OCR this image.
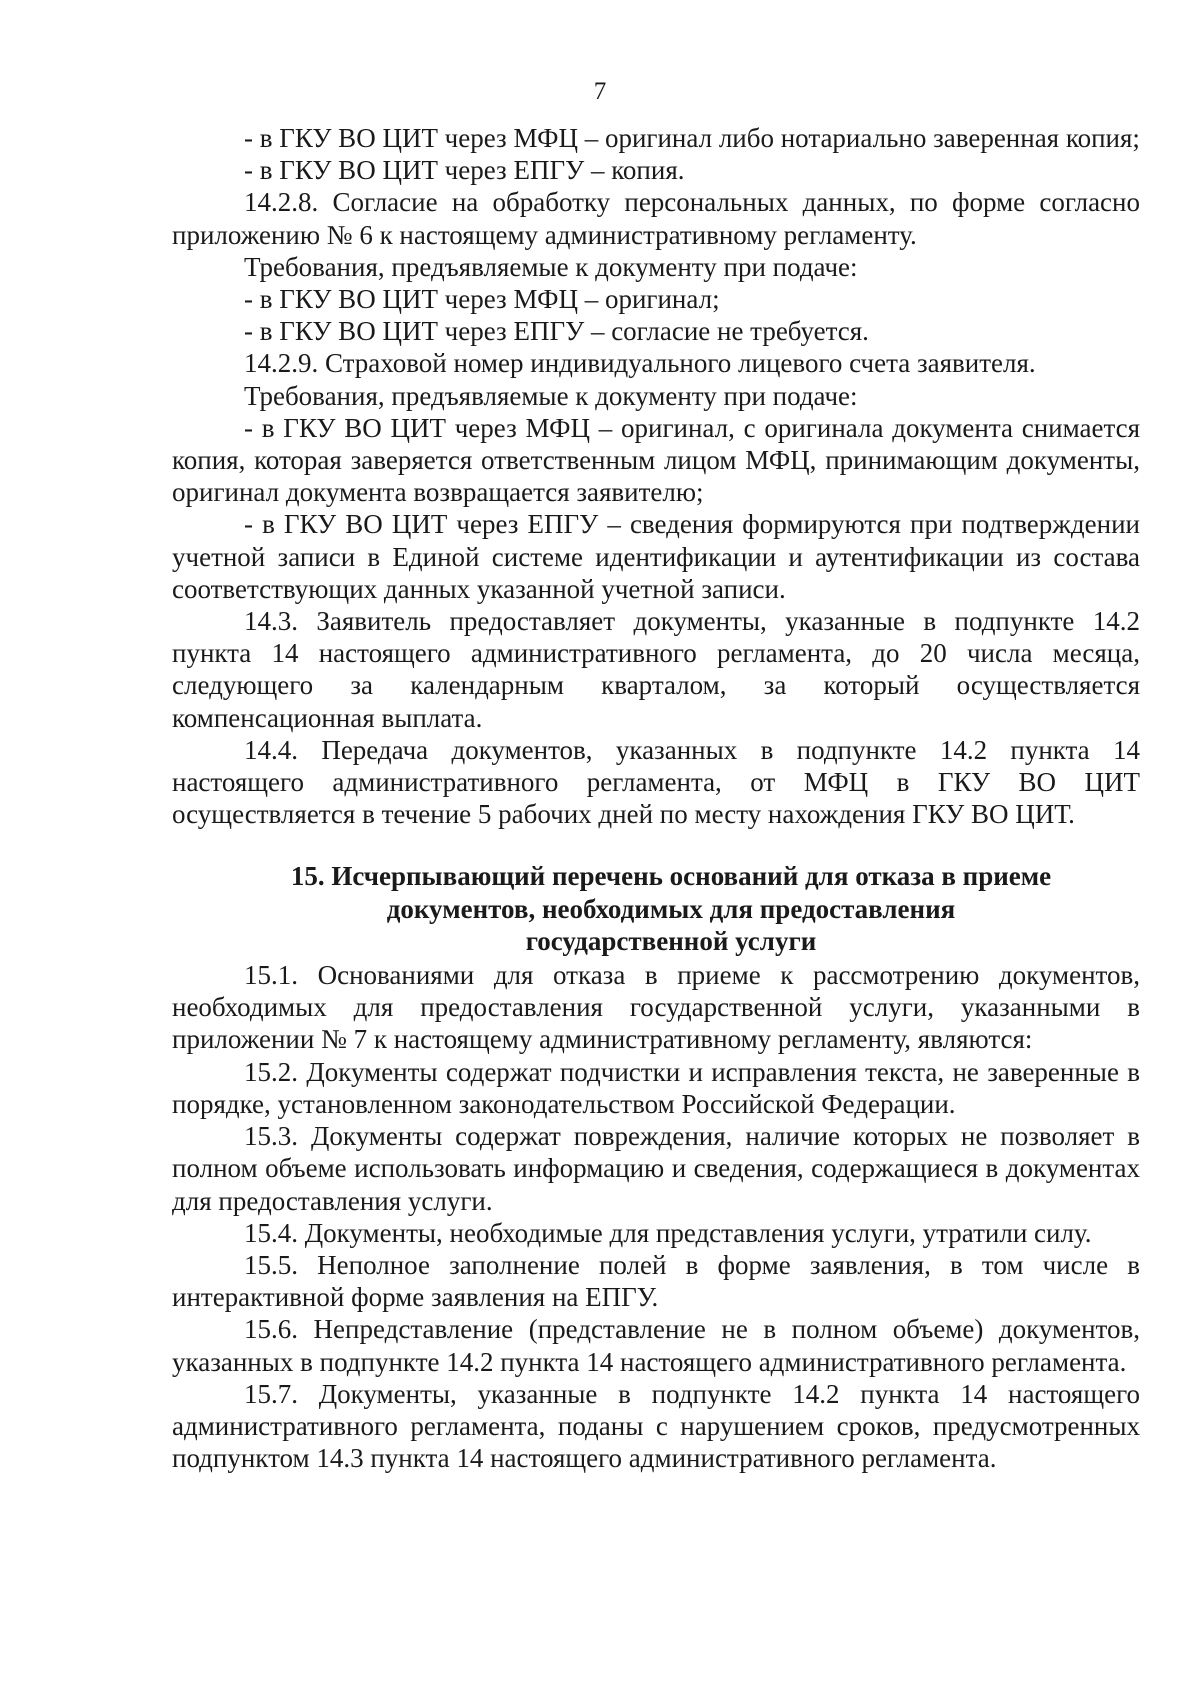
7

- в ГКУ ВО ЦИТ через МФЦ – оригинал либо нотариально заверенная копия;

- в ГКУ ВО ЦИТ через ЕПГУ – копия.

14.2.8. Согласие на обработку персональных данных, по форме согласно приложению № 6 к настоящему административному регламенту.

Требования, предъявляемые к документу при подаче:

- в ГКУ ВО ЦИТ через МФЦ – оригинал;

- в ГКУ ВО ЦИТ через ЕПГУ – согласие не требуется.

14.2.9. Страховой номер индивидуального лицевого счета заявителя.

Требования, предъявляемые к документу при подаче:

- в ГКУ ВО ЦИТ через МФЦ – оригинал, с оригинала документа снимается копия, которая заверяется ответственным лицом МФЦ, принимающим документы, оригинал документа возвращается заявителю;

- в ГКУ ВО ЦИТ через ЕПГУ – сведения формируются при подтверждении учетной записи в Единой системе идентификации и аутентификации из состава соответствующих данных указанной учетной записи.

14.3. Заявитель предоставляет документы, указанные в подпункте 14.2 пункта 14 настоящего административного регламента, до 20 числа месяца, следующего за календарным кварталом, за который осуществляется компенсационная выплата.

14.4. Передача документов, указанных в подпункте 14.2 пункта 14 настоящего административного регламента, от МФЦ в ГКУ ВО ЦИТ осуществляется в течение 5 рабочих дней по месту нахождения ГКУ ВО ЦИТ.

15. Исчерпывающий перечень оснований для отказа в приеме
документов, необходимых для предоставления
государственной услуги

15.1. Основаниями для отказа в приеме к рассмотрению документов, необходимых для предоставления государственной услуги, указанными в приложении № 7 к настоящему административному регламенту, являются:

15.2. Документы содержат подчистки и исправления текста, не заверенные в порядке, установленном законодательством Российской Федерации.

15.3. Документы содержат повреждения, наличие которых не позволяет в полном объеме использовать информацию и сведения, содержащиеся в документах для предоставления услуги.

15.4. Документы, необходимые для представления услуги, утратили силу.

15.5. Неполное заполнение полей в форме заявления, в том числе в интерактивной форме заявления на ЕПГУ.

15.6. Непредставление (представление не в полном объеме) документов, указанных в подпункте 14.2 пункта 14 настоящего административного регламента.

15.7. Документы, указанные в подпункте 14.2 пункта 14 настоящего административного регламента, поданы с нарушением сроков, предусмотренных подпунктом 14.3 пункта 14 настоящего административного регламента.
